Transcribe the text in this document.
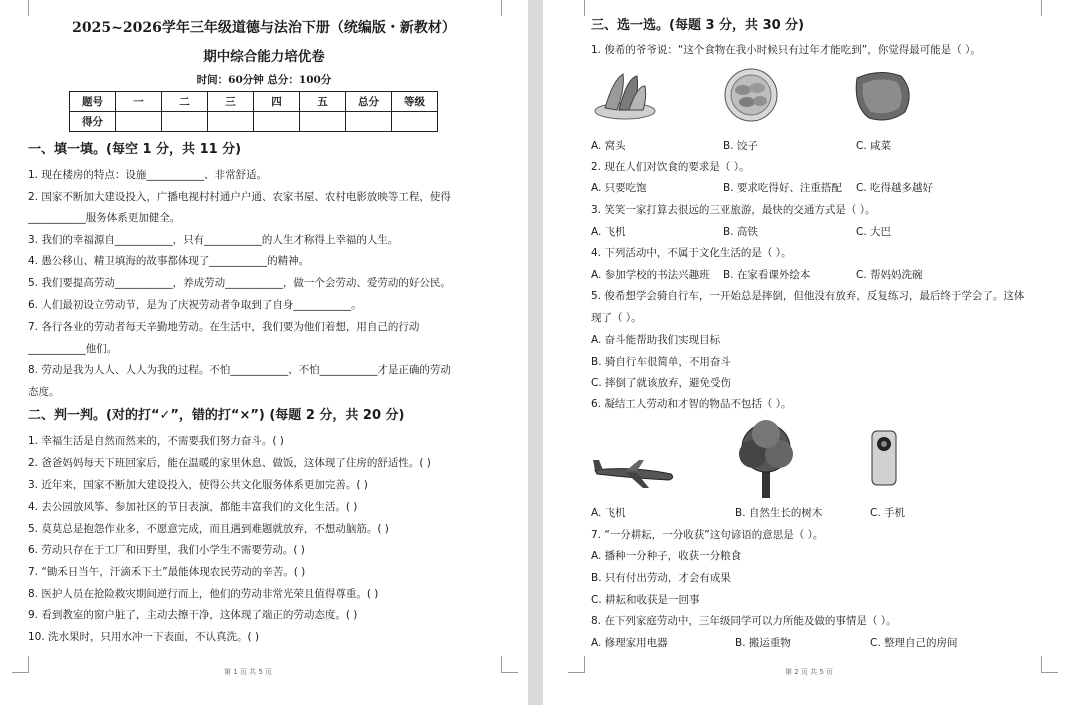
2025~2026学年三年级道德与法治下册（统编版・新教材）
期中综合能力培优卷
时间：60分钟 总分：100分
题号	一	二	三	四	五	总分	等级
得分							
一、填一填。(每空 1 分，共 11 分)
1. 现在楼房的特点：设施___________、非常舒适。
2. 国家不断加大建设投入，广播电视村村通户户通、农家书屋、农村电影放映等工程，使得
___________服务体系更加健全。
3. 我们的幸福源自___________，只有___________的人生才称得上幸福的人生。
4. 愚公移山、精卫填海的故事都体现了___________的精神。
5. 我们要提高劳动___________，养成劳动___________，做一个会劳动、爱劳动的好公民。
6. 人们最初设立劳动节，是为了庆祝劳动者争取到了自身___________。
7. 各行各业的劳动者每天辛勤地劳动。在生活中，我们要为他们着想，用自己的行动
___________他们。
8. 劳动是我为人人、人人为我的过程。不怕___________、不怕___________才是正确的劳动
态度。
二、判一判。(对的打“✓”，错的打“×”) (每题 2 分，共 20 分)
1. 幸福生活是自然而然来的，不需要我们努力奋斗。( )
2. 爸爸妈妈每天下班回家后，能在温暖的家里休息、做饭，这体现了住房的舒适性。( )
3. 近年来，国家不断加大建设投入，使得公共文化服务体系更加完善。( )
4. 去公园放风筝、参加社区的节日表演，都能丰富我们的文化生活。( )
5. 莫莫总是抱怨作业多，不愿意完成，而且遇到难题就放弃，不想动脑筋。( )
6. 劳动只存在于工厂和田野里，我们小学生不需要劳动。( )
7. “锄禾日当午，汗滴禾下土”最能体现农民劳动的辛苦。( )
8. 医护人员在抢险救灾期间逆行而上，他们的劳动非常光荣且值得尊重。( )
9. 看到教室的窗户脏了，主动去擦干净，这体现了端正的劳动态度。( )
10. 洗水果时，只用水冲一下表面，不认真洗。( )
第 1 页 共 5 页
三、选一选。(每题 3 分，共 30 分)
1. 俊希的爷爷说：“这个食物在我小时候只有过年才能吃到”，你觉得最可能是（ ）。
A. 窝头	B. 饺子	C. 咸菜
2. 现在人们对饮食的要求是（ ）。
A. 只要吃饱	B. 要求吃得好、注重搭配 C. 吃得越多越好
3. 笑笑一家打算去很远的三亚旅游，最快的交通方式是（ ）。
A. 飞机	B. 高铁	C. 大巴
4. 下列活动中，不属于文化生活的是（ ）。
A. 参加学校的书法兴趣班 B. 在家看课外绘本	C. 帮妈妈洗碗
5. 俊希想学会骑自行车，一开始总是摔倒，但他没有放弃，反复练习，最后终于学会了。这体
现了（ ）。
A. 奋斗能帮助我们实现目标
B. 骑自行车很简单，不用奋斗
C. 摔倒了就该放弃，避免受伤
6. 凝结工人劳动和才智的物品不包括（ ）。
A. 飞机	B. 自然生长的树木	C. 手机
7. “一分耕耘，一分收获”这句谚语的意思是（ ）。
A. 播种一分种子，收获一分粮食
B. 只有付出劳动，才会有成果
C. 耕耘和收获是一回事
8. 在下列家庭劳动中，三年级同学可以力所能及做的事情是（ ）。
A. 修理家用电器	B. 搬运重物	C. 整理自己的房间
第 2 页 共 5 页
